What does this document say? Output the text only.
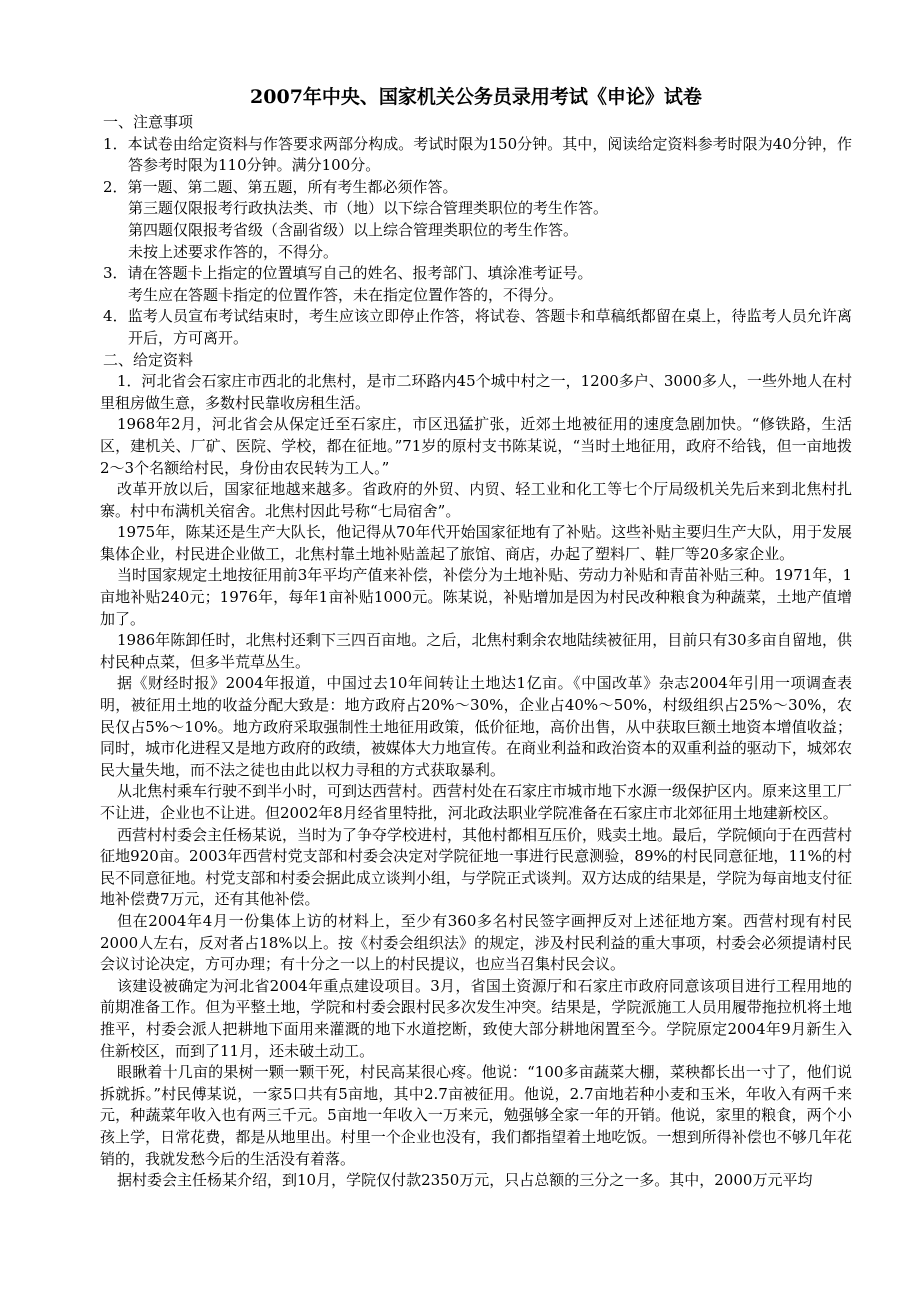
2007年中央、国家机关公务员录用考试《申论》试卷

一、注意事项

1．本试卷由给定资料与作答要求两部分构成。考试时限为150分钟。其中，阅读给定资料参考时限为40分钟，作答参考时限为110分钟。满分100分。

2．第一题、第二题、第五题，所有考生都必须作答。

第三题仅限报考行政执法类、市（地）以下综合管理类职位的考生作答。

第四题仅限报考省级（含副省级）以上综合管理类职位的考生作答。

未按上述要求作答的，不得分。

3．请在答题卡上指定的位置填写自己的姓名、报考部门、填涂准考证号。

考生应在答题卡指定的位置作答，未在指定位置作答的，不得分。

4．监考人员宣布考试结束时，考生应该立即停止作答，将试卷、答题卡和草稿纸都留在桌上，待监考人员允许离开后，方可离开。

二、给定资料

1．河北省会石家庄市西北的北焦村，是市二环路内45个城中村之一，1200多户、3000多人，一些外地人在村里租房做生意，多数村民靠收房租生活。

1968年2月，河北省会从保定迁至石家庄，市区迅猛扩张，近郊土地被征用的速度急剧加快。“修铁路，生活区，建机关、厂矿、医院、学校，都在征地。”71岁的原村支书陈某说，“当时土地征用，政府不给钱，但一亩地拨2～3个名额给村民，身份由农民转为工人。”

改革开放以后，国家征地越来越多。省政府的外贸、内贸、轻工业和化工等七个厅局级机关先后来到北焦村扎寨。村中布满机关宿舍。北焦村因此号称“七局宿舍”。

1975年，陈某还是生产大队长，他记得从70年代开始国家征地有了补贴。这些补贴主要归生产大队，用于发展集体企业，村民进企业做工，北焦村靠土地补贴盖起了旅馆、商店，办起了塑料厂、鞋厂等20多家企业。

当时国家规定土地按征用前3年平均产值来补偿，补偿分为土地补贴、劳动力补贴和青苗补贴三种。1971年，1亩地补贴240元；1976年，每年1亩补贴1000元。陈某说，补贴增加是因为村民改种粮食为种蔬菜，土地产值增加了。

1986年陈卸任时，北焦村还剩下三四百亩地。之后，北焦村剩余农地陆续被征用，目前只有30多亩自留地，供村民种点菜，但多半荒草丛生。

据《财经时报》2004年报道，中国过去10年间转让土地达1亿亩。《中国改革》杂志2004年引用一项调查表明，被征用土地的收益分配大致是：地方政府占20%～30%，企业占40%～50%，村级组织占25%～30%，农民仅占5%～10%。地方政府采取强制性土地征用政策，低价征地，高价出售，从中获取巨额土地资本增值收益；同时，城市化进程又是地方政府的政绩，被媒体大力地宣传。在商业利益和政治资本的双重利益的驱动下，城郊农民大量失地，而不法之徒也由此以权力寻租的方式获取暴利。

从北焦村乘车行驶不到半小时，可到达西营村。西营村处在石家庄市城市地下水源一级保护区内。原来这里工厂不让进，企业也不让进。但2002年8月经省里特批，河北政法职业学院准备在石家庄市北郊征用土地建新校区。

西营村村委会主任杨某说，当时为了争夺学校进村，其他村都相互压价，贱卖土地。最后，学院倾向于在西营村征地920亩。2003年西营村党支部和村委会决定对学院征地一事进行民意测验，89%的村民同意征地，11%的村民不同意征地。村党支部和村委会据此成立谈判小组，与学院正式谈判。双方达成的结果是，学院为每亩地支付征地补偿费7万元，还有其他补偿。

但在2004年4月一份集体上访的材料上，至少有360多名村民签字画押反对上述征地方案。西营村现有村民2000人左右，反对者占18%以上。按《村委会组织法》的规定，涉及村民利益的重大事项，村委会必须提请村民会议讨论决定，方可办理；有十分之一以上的村民提议，也应当召集村民会议。

该建设被确定为河北省2004年重点建设项目。3月，省国土资源厅和石家庄市政府同意该项目进行工程用地的前期准备工作。但为平整土地，学院和村委会跟村民多次发生冲突。结果是，学院派施工人员用履带拖拉机将土地推平，村委会派人把耕地下面用来灌溉的地下水道挖断，致使大部分耕地闲置至今。学院原定2004年9月新生入住新校区，而到了11月，还未破土动工。

眼瞅着十几亩的果树一颗一颗干死，村民高某很心疼。他说：“100多亩蔬菜大棚，菜秧都长出一寸了，他们说拆就拆。”村民傅某说，一家5口共有5亩地，其中2.7亩被征用。他说，2.7亩地若种小麦和玉米，年收入有两千来元，种蔬菜年收入也有两三千元。5亩地一年收入一万来元，勉强够全家一年的开销。他说，家里的粮食，两个小孩上学，日常花费，都是从地里出。村里一个企业也没有，我们都指望着土地吃饭。一想到所得补偿也不够几年花销的，我就发愁今后的生活没有着落。

据村委会主任杨某介绍，到10月，学院仅付款2350万元，只占总额的三分之一多。其中，2000万元平均
